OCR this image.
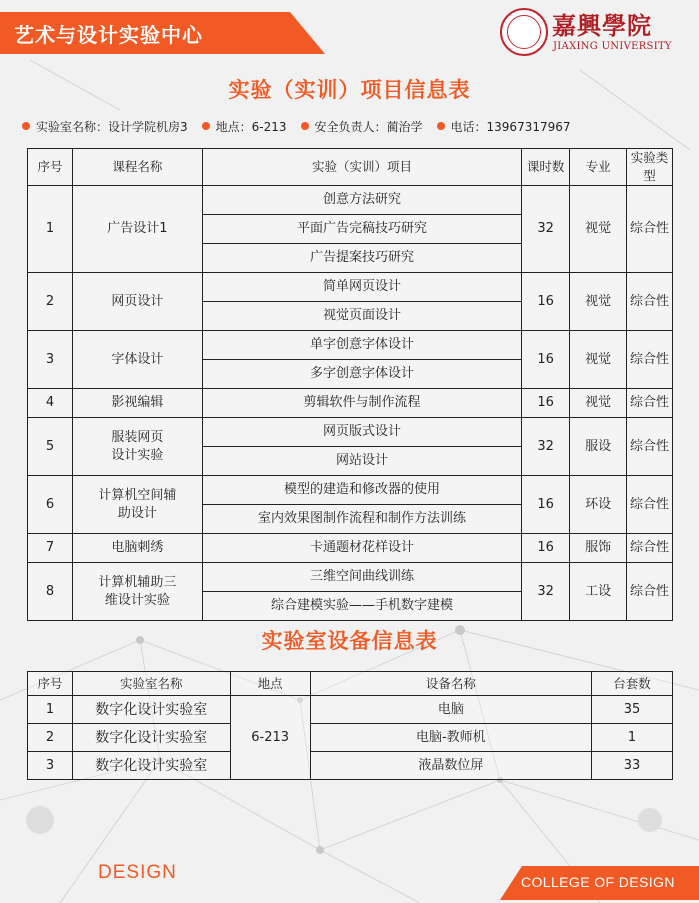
艺术与设计实验中心	嘉興學院
JIAXING UNIVERSITY
实验（实训）项目信息表
实验室名称：设计学院机房3 地点：6-213 安全负责人：蔺治学 电话：13967317967
序号	课程名称	实验（实训）项目	课时数	专业	实验类型
1	广告设计1	创意方法研究	32	视觉	综合性
		平面广告完稿技巧研究			
		广告提案技巧研究			
2	网页设计	简单网页设计	16	视觉	综合性
		视觉页面设计			
3	字体设计	单字创意字体设计	16	视觉	综合性
		多字创意字体设计			
4	影视编辑	剪辑软件与制作流程	16	视觉	综合性
5	服装网页设计实验	网页版式设计	32	服设	综合性
		网站设计			
6	计算机空间辅助设计	模型的建造和修改器的使用	16	环设	综合性
		室内效果图制作流程和制作方法训练			
7	电脑刺绣	卡通题材花样设计	16	服饰	综合性
8	计算机辅助三维设计实验	三维空间曲线训练	32	工设	综合性
		综合建模实验——手机数字建模			
实验室设备信息表
序号	实验室名称	地点	设备名称	台套数
1	数字化设计实验室	6-213	电脑	35
2	数字化设计实验室		电脑-教师机	1
3	数字化设计实验室		液晶数位屏	33
DESIGN	COLLEGE OF DESIGN
